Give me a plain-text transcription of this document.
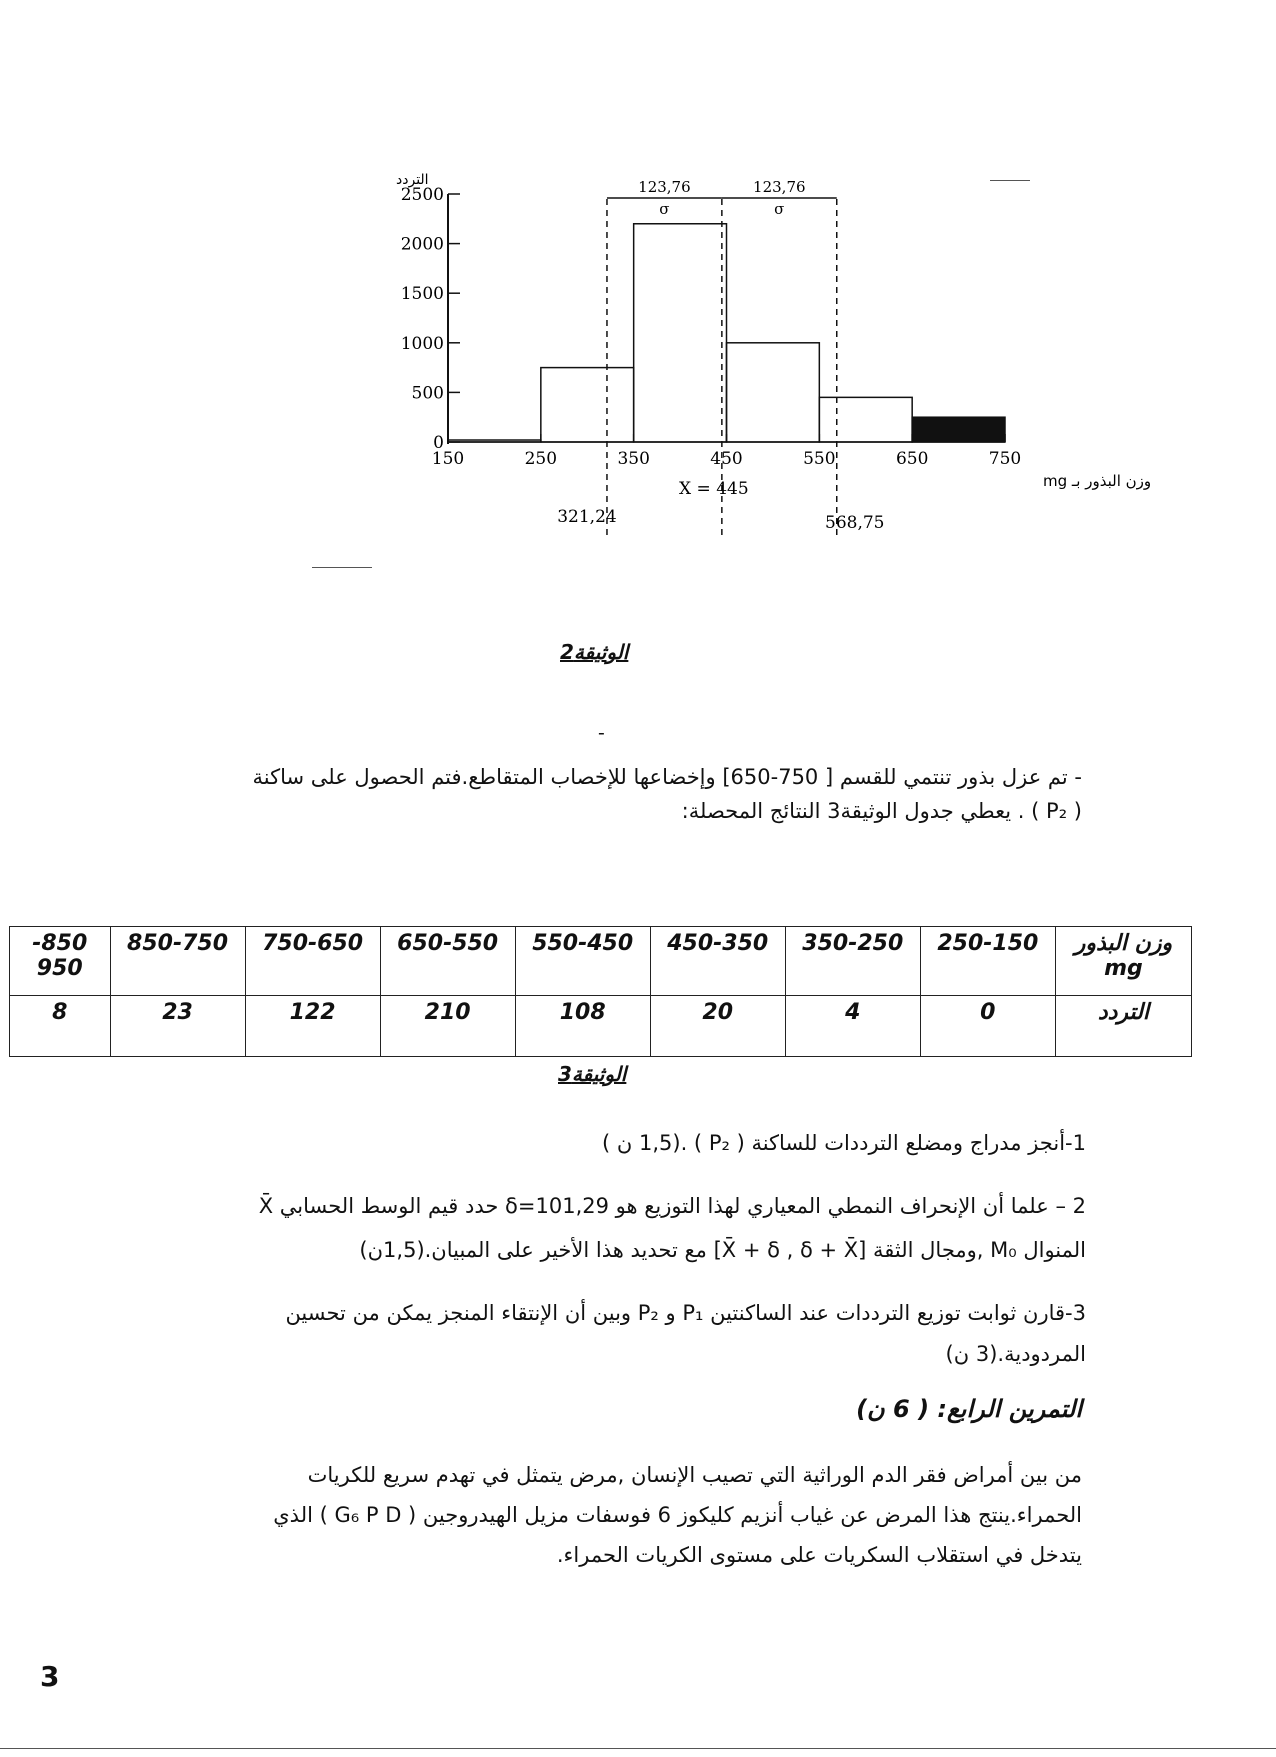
التردد
وزن البذور بـ mg
0
500
1000
1500
2000
2500
150	250	350	450	550	650	750
123,76	123,76
σ	σ
X = 445
321,24	568,75
الوثيقة2
-

- تم عزل بذور تنتمي للقسم [ 750-650] وإخضاعها للإخصاب المتقاطع.فتم الحصول على ساكنة

( P₂ ) . يعطي جدول الوثيقة3 النتائج المحصلة:

-850 950	850-750	750-650	650-550	550-450	450-350	350-250	250-150	وزن البذور mg
8	23	122	210	108	20	4	0	التردد
الوثيقة3
1-أنجز مدراج ومضلع الترددات للساكنة ( P₂ ) .(1,5 ن )
2 – علما أن الإنحراف النمطي المعياري لهذا التوزيع هو δ=101,29 حدد قيم الوسط الحسابي X̄
المنوال M₀ ,ومجال الثقة [X̄ + δ , δ + X̄] مع تحديد هذا الأخير على المبيان.(1,5ن)
3-قارن ثوابت توزيع الترددات عند الساكنتين P₁ و P₂ وبين أن الإنتقاء المنجز يمكن من تحسين
المردودية.(3 ن)
التمرين الرابع: ( 6 ن)

من بين أمراض فقر الدم الوراثية التي تصيب الإنسان ,مرض يتمثل في تهدم سريع للكريات

الحمراء.ينتج هذا المرض عن غياب أنزيم كليكوز 6 فوسفات مزيل الهيدروجين ( G₆ P D ) الذي

يتدخل في استقلاب السكريات على مستوى الكريات الحمراء.

3
